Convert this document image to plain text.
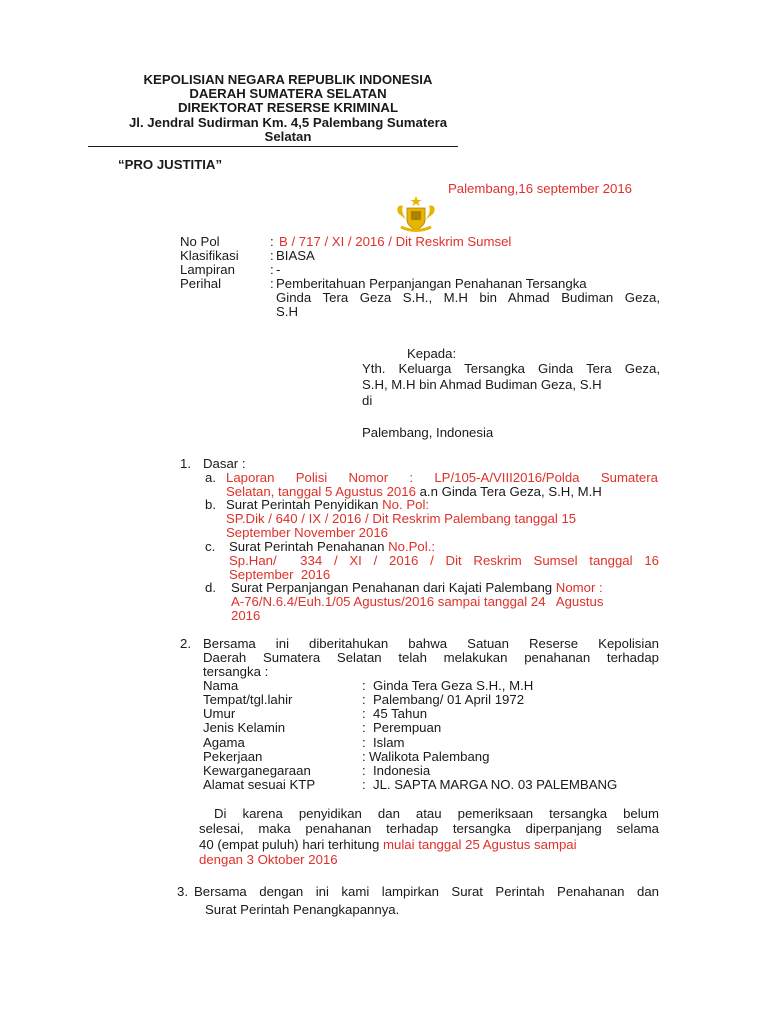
KEPOLISIAN NEGARA REPUBLIK INDONESIA
DAERAH SUMATERA SELATAN
DIREKTORAT RESERSE KRIMINAL
Jl. Jendral Sudirman Km. 4,5 Palembang Sumatera
Selatan
“PRO JUSTITIA”
Palembang,16 september 2016
No Pol	: B / 717 / XI / 2016 / Dit Reskrim Sumsel
Klasifikasi : BIASA
Lampiran	: -
Perihal	: Pemberitahuan Perpanjangan Penahanan Tersangka
Ginda Tera Geza S.H., M.H bin Ahmad Budiman Geza,
S.H
Kepada:
Yth. Keluarga Tersangka Ginda Tera Geza,
S.H, M.H bin Ahmad Budiman Geza, S.H
di
Palembang, Indonesia
1. Dasar :
a. Laporan Polisi Nomor : LP/105-A/VIII2016/Polda Sumatera
Selatan, tanggal 5 Agustus 2016 a.n Ginda Tera Geza, S.H, M.H
b. Surat Perintah Penyidikan No. Pol:
SP.Dik / 640 / IX / 2016 / Dit Reskrim Palembang tanggal 15
September November 2016
c. Surat Perintah Penahanan No.Pol.:
Sp.Han/  334 / XI / 2016 / Dit Reskrim Sumsel tanggal 16
September  2016
d. Surat Perpanjangan Penahanan dari Kajati Palembang Nomor :
A-76/N.6.4/Euh.1/05 Agustus/2016 sampai tanggal 24   Agustus
2016
2. Bersama ini diberitahukan bahwa Satuan Reserse Kepolisian
Daerah Sumatera Selatan telah melakukan penahanan terhadap
tersangka :
Nama	: Ginda Tera Geza S.H., M.H
Tempat/tgl.lahir	: Palembang/ 01 April 1972
Umur	: 45 Tahun
Jenis Kelamin	: Perempuan
Agama	: Islam
Pekerjaan	: Walikota Palembang
Kewarganegaraan	: Indonesia
Alamat sesuai KTP	: JL. SAPTA MARGA NO. 03 PALEMBANG
Di karena penyidikan dan atau pemeriksaan tersangka belum
selesai, maka penahanan terhadap tersangka diperpanjang selama
40 (empat puluh) hari terhitung mulai tanggal 25 Agustus sampai
dengan 3 Oktober 2016
3. Bersama dengan ini kami lampirkan Surat Perintah Penahanan dan
Surat Perintah Penangkapannya.
